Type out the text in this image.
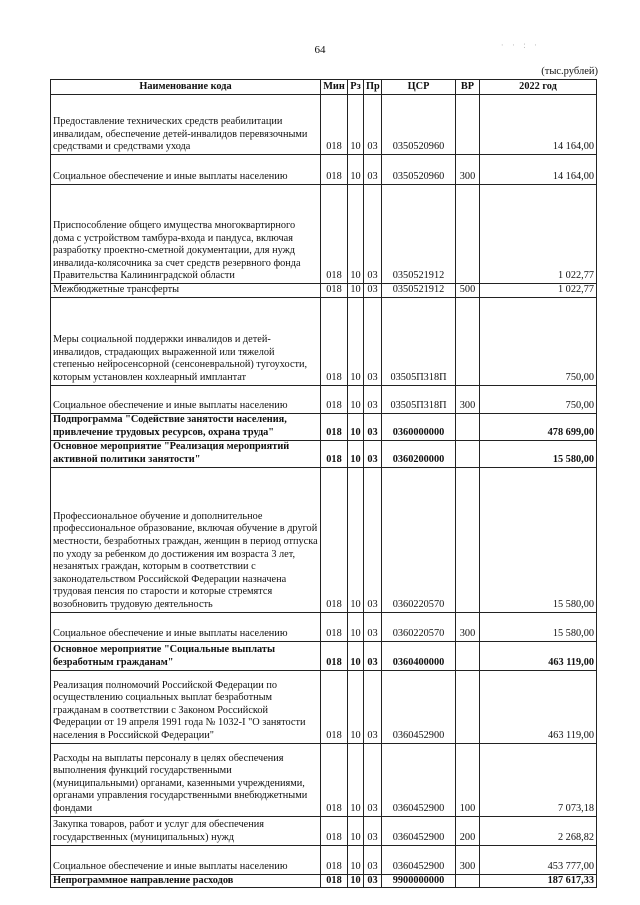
64
(тыс.рублей)
Наименование кода	Мин	Рз	Пр	ЦСР	ВР	2022 год
Предоставление технических средств реабилитации инвалидам, обеспечение детей-инвалидов перевязочными средствами и средствами ухода	018	10	03	0350520960		14 164,00
Социальное обеспечение и иные выплаты населению	018	10	03	0350520960	300	14 164,00
Приспособление общего имущества многоквартирного дома с устройством тамбура-входа и пандуса, включая разработку проектно-сметной документации, для нужд инвалида-колясочника за счет средств резервного фонда Правительства Калининградской области	018	10	03	0350521912		1 022,77
Межбюджетные трансферты	018	10	03	0350521912	500	1 022,77
Меры социальной поддержки инвалидов и детей-инвалидов, страдающих выраженной или тяжелой степенью нейросенсорной (сенсоневральной) тугоухости, которым установлен кохлеарный имплантат	018	10	03	03505П318П		750,00
Социальное обеспечение и иные выплаты населению	018	10	03	03505П318П	300	750,00
Подпрограмма "Содействие занятости населения, привлечение трудовых ресурсов, охрана труда"	018	10	03	0360000000		478 699,00
Основное мероприятие "Реализация мероприятий активной политики занятости"	018	10	03	0360200000		15 580,00
Профессиональное обучение и дополнительное профессиональное образование, включая обучение в другой местности, безработных граждан, женщин в период отпуска по уходу за ребенком до достижения им возраста 3 лет, незанятых граждан, которым в соответствии с законодательством Российской Федерации назначена трудовая пенсия по старости и которые стремятся возобновить трудовую деятельность	018	10	03	0360220570		15 580,00
Социальное обеспечение и иные выплаты населению	018	10	03	0360220570	300	15 580,00
Основное мероприятие "Социальные выплаты безработным гражданам"	018	10	03	0360400000		463 119,00
Реализация полномочий Российской Федерации по осуществлению социальных выплат безработным гражданам в соответствии с Законом Российской Федерации от 19 апреля 1991 года № 1032-I "О занятости населения в Российской Федерации"	018	10	03	0360452900		463 119,00
Расходы на выплаты персоналу в целях обеспечения выполнения функций государственными (муниципальными) органами, казенными учреждениями, органами управления государственными внебюджетными фондами	018	10	03	0360452900	100	7 073,18
Закупка товаров, работ и услуг для обеспечения государственных (муниципальных) нужд	018	10	03	0360452900	200	2 268,82
Социальное обеспечение и иные выплаты населению	018	10	03	0360452900	300	453 777,00
Непрограммное направление расходов	018	10	03	9900000000		187 617,33
· · : ·
